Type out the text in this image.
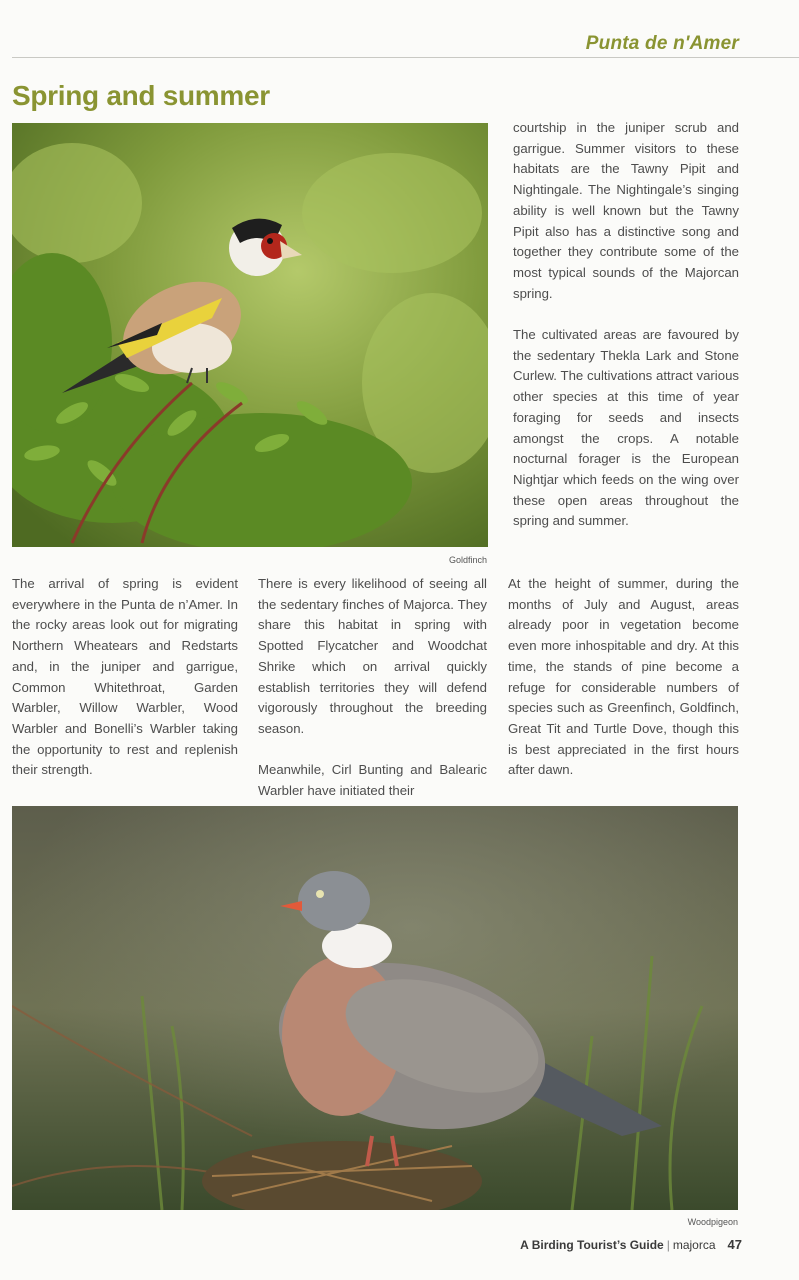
Punta de n'Amer
Spring and summer
Goldfinch

courtship in the juniper scrub and garrigue. Summer visitors to these habitats are the Tawny Pipit and Nightingale. The Nightingale’s singing ability is well known but the Tawny Pipit also has a distinctive song and together they contribute some of the most typical sounds of the Majorcan spring.

The cultivated areas are favoured by the sedentary Thekla Lark and Stone Curlew. The cultivations attract various other species at this time of year foraging for seeds and insects amongst the crops. A notable nocturnal forager is the European Nightjar which feeds on the wing over these open areas throughout the spring and summer.

The arrival of spring is evident everywhere in the Punta de n’Amer. In the rocky areas look out for migrating Northern Wheatears and Redstarts and, in the juniper and garrigue, Common Whitethroat, Garden Warbler, Willow Warbler, Wood Warbler and Bonelli’s Warbler taking the opportunity to rest and replenish their strength.

There is every likelihood of seeing all the sedentary finches of Majorca. They share this habitat in spring with Spotted Flycatcher and Woodchat Shrike which on arrival quickly establish territories they will defend vigorously throughout the breeding season.

Meanwhile, Cirl Bunting and Balearic Warbler have initiated their

At the height of summer, during the months of July and August, areas already poor in vegetation become even more inhospitable and dry. At this time, the stands of pine become a refuge for considerable numbers of species such as Greenfinch, Goldfinch, Great Tit and Turtle Dove, though this is best appreciated in the first hours after dawn.

Woodpigeon
A Birding Tourist’s Guide | majorca 47
